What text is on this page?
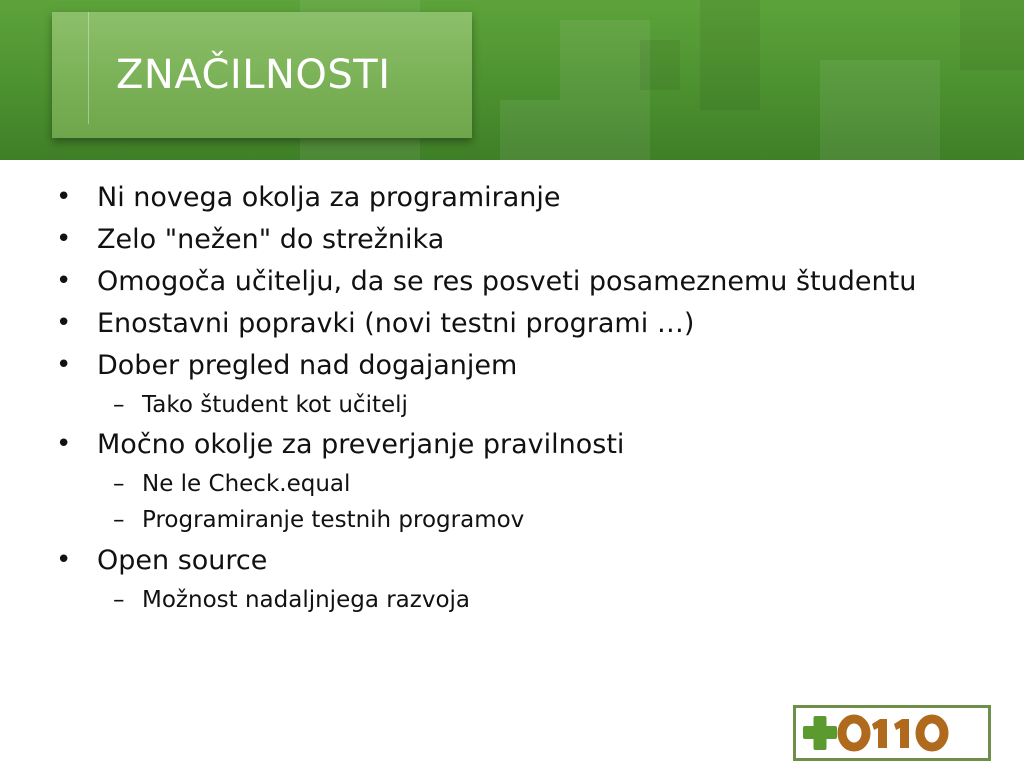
ZNAČILNOSTI
• Ni novega okolja za programiranje
• Zelo "nežen" do strežnika
• Omogoča učitelju, da se res posveti posameznemu študentu
• Enostavni popravki (novi testni programi …)
• Dober pregled nad dogajanjem
– Tako študent kot učitelj
• Močno okolje za preverjanje pravilnosti
– Ne le Check.equal
– Programiranje testnih programov
• Open source
– Možnost nadaljnjega razvoja
